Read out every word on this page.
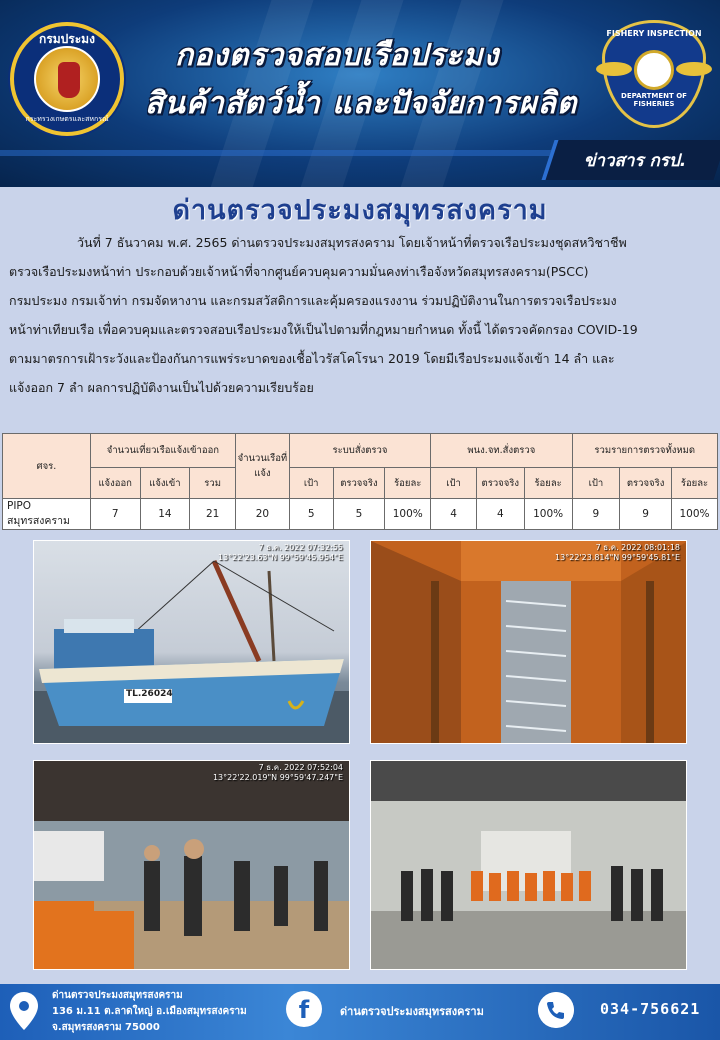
กรมประมง
กระทรวงเกษตรและสหกรณ์
กองตรวจสอบเรือประมง
สินค้าสัตว์น้ำ และปัจจัยการผลิต
FISHERY INSPECTION
DEPARTMENT OF FISHERIES
ข่าวสาร กรป.
ด่านตรวจประมงสมุทรสงคราม
วันที่ 7 ธันวาคม พ.ศ. 2565 ด่านตรวจประมงสมุทรสงคราม โดยเจ้าหน้าที่ตรวจเรือประมงชุดสหวิชาชีพ
ตรวจเรือประมงหน้าท่า ประกอบด้วยเจ้าหน้าที่จากศูนย์ควบคุมความมั่นคงท่าเรือจังหวัดสมุทรสงคราม(PSCC)
กรมประมง กรมเจ้าท่า กรมจัดหางาน และกรมสวัสดิการและคุ้มครองแรงงาน ร่วมปฏิบัติงานในการตรวจเรือประมง
หน้าท่าเทียบเรือ เพื่อควบคุมและตรวจสอบเรือประมงให้เป็นไปตามที่กฎหมายกำหนด ทั้งนี้ ได้ตรวจคัดกรอง COVID-19
ตามมาตรการเฝ้าระวังและป้องกันการแพร่ระบาดของเชื้อไวรัสโคโรนา 2019 โดยมีเรือประมงแจ้งเข้า 14 ลำ และ
แจ้งออก 7 ลำ ผลการปฏิบัติงานเป็นไปด้วยความเรียบร้อย
ศจร.	จำนวนเที่ยวเรือแจ้งเข้าออก			จำนวนเรือที่แจ้ง	ระบบสั่งตรวจ			พนง.จท.สั่งตรวจ			รวมรายการตรวจทั้งหมด		
	แจ้งออก	แจ้งเข้า	รวม		เป้า	ตรวจจริง	ร้อยละ	เป้า	ตรวจจริง	ร้อยละ	เป้า	ตรวจจริง	ร้อยละ
PIPO สมุทรสงคราม	7	14	21	20	5	5	100%	4	4	100%	9	9	100%
7 ธ.ค. 2022 07:32:55
13°22'23.63"N 99°59'45.954"E
TL.26024
7 ธ.ค. 2022 08:01:18
13°22'23.814"N 99°59'45.81"E
7 ธ.ค. 2022 07:52:04
13°22'22.019"N 99°59'47.247"E
ด่านตรวจประมงสมุทรสงคราม
136 ม.11 ต.ลาดใหญ่ อ.เมืองสมุทรสงคราม
จ.สมุทรสงคราม 75000
f	ด่านตรวจประมงสมุทรสงคราม	034-756621
